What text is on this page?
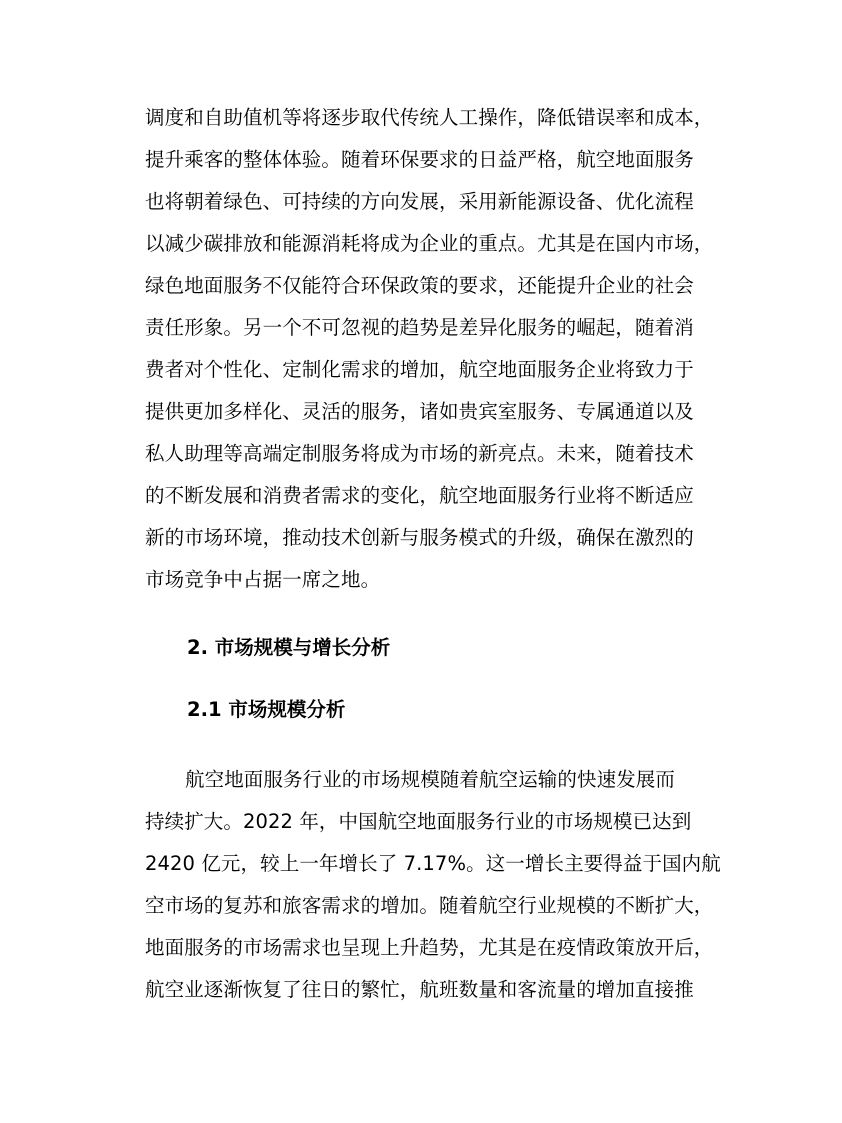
调度和自助值机等将逐步取代传统人工操作，降低错误率和成本，
提升乘客的整体体验。随着环保要求的日益严格，航空地面服务
也将朝着绿色、可持续的方向发展，采用新能源设备、优化流程
以减少碳排放和能源消耗将成为企业的重点。尤其是在国内市场，
绿色地面服务不仅能符合环保政策的要求，还能提升企业的社会
责任形象。另一个不可忽视的趋势是差异化服务的崛起，随着消
费者对个性化、定制化需求的增加，航空地面服务企业将致力于
提供更加多样化、灵活的服务，诸如贵宾室服务、专属通道以及
私人助理等高端定制服务将成为市场的新亮点。未来，随着技术
的不断发展和消费者需求的变化，航空地面服务行业将不断适应
新的市场环境，推动技术创新与服务模式的升级，确保在激烈的
市场竞争中占据一席之地。
2. 市场规模与增长分析
2.1 市场规模分析
航空地面服务行业的市场规模随着航空运输的快速发展而
持续扩大。2022 年，中国航空地面服务行业的市场规模已达到
2420 亿元，较上一年增长了 7.17%。这一增长主要得益于国内航
空市场的复苏和旅客需求的增加。随着航空行业规模的不断扩大，
地面服务的市场需求也呈现上升趋势，尤其是在疫情政策放开后，
航空业逐渐恢复了往日的繁忙，航班数量和客流量的增加直接推
